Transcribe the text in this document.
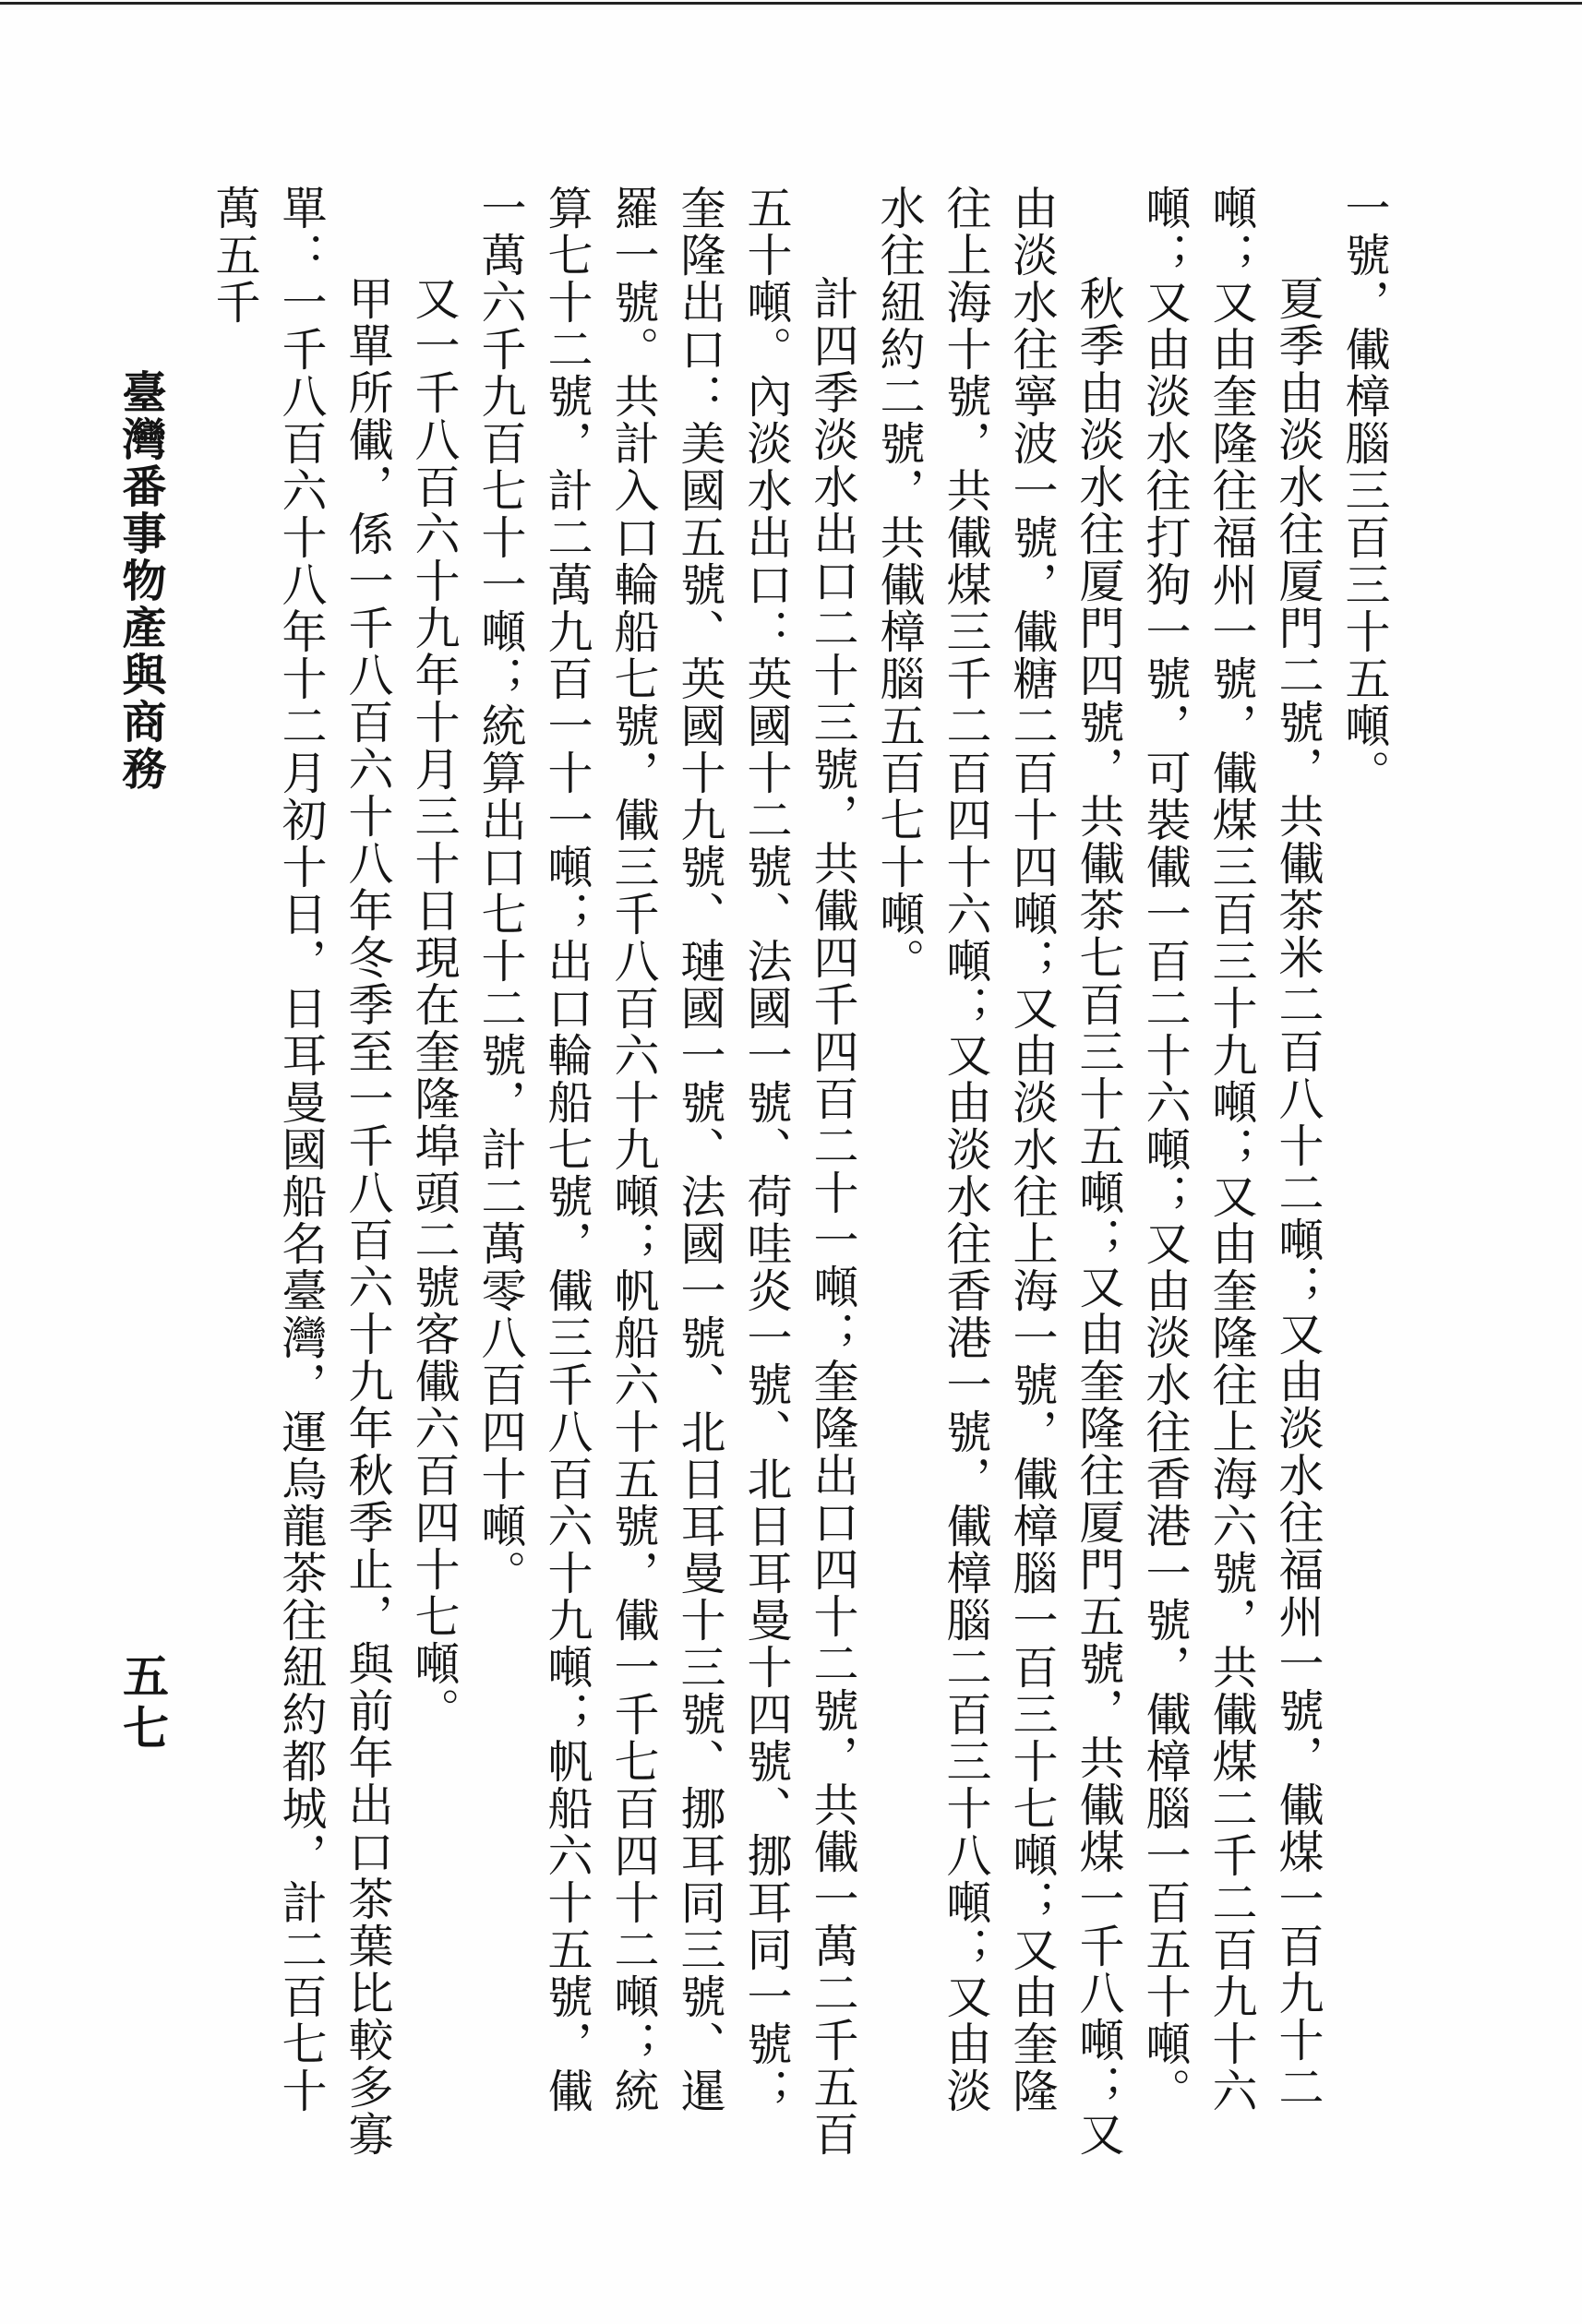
一號，儎樟腦三百三十五噸。

夏季由淡水往厦門二號，共儎茶米二百八十二噸；又由淡水往福州一號，儎煤一百九十二噸；又由奎隆往福州一號，儎煤三百三十九噸；又由奎隆往上海六號，共儎煤二千二百九十六噸；又由淡水往打狗一號，可裝儎一百二十六噸；又由淡水往香港一號，儎樟腦一百五十噸。

秋季由淡水往厦門四號，共儎茶七百三十五噸；又由奎隆往厦門五號，共儎煤一千八噸；又由淡水往寧波一號，儎糖二百十四噸；又由淡水往上海一號，儎樟腦一百三十七噸；又由奎隆往上海十號，共儎煤三千二百四十六噸；又由淡水往香港一號，儎樟腦二百三十八噸；又由淡水往紐約二號，共儎樟腦五百七十噸。

計四季淡水出口二十三號，共儎四千四百二十一噸；奎隆出口四十二號，共儎一萬二千五百五十噸。內淡水出口：英國十二號、法國一號、荷哇炎一號、北日耳曼十四號、挪耳同一號；奎隆出口：美國五號、英國十九號、璉國一號、法國一號、北日耳曼十三號、挪耳同三號、暹羅一號。共計入口輪船七號，儎三千八百六十九噸；帆船六十五號，儎一千七百四十二噸；統算七十二號，計二萬九百一十一噸；出口輪船七號，儎三千八百六十九噸；帆船六十五號，儎一萬六千九百七十一噸；統算出口七十二號，計二萬零八百四十噸。

又一千八百六十九年十月三十日現在奎隆埠頭二號客儎六百四十七噸。

甲單所儎，係一千八百六十八年冬季至一千八百六十九年秋季止，與前年出口茶葉比較多寡單：一千八百六十八年十二月初十日，日耳曼國船名臺灣，運烏龍茶往紐約都城，計二百七十萬五千

臺灣番事物產與商務
五七
